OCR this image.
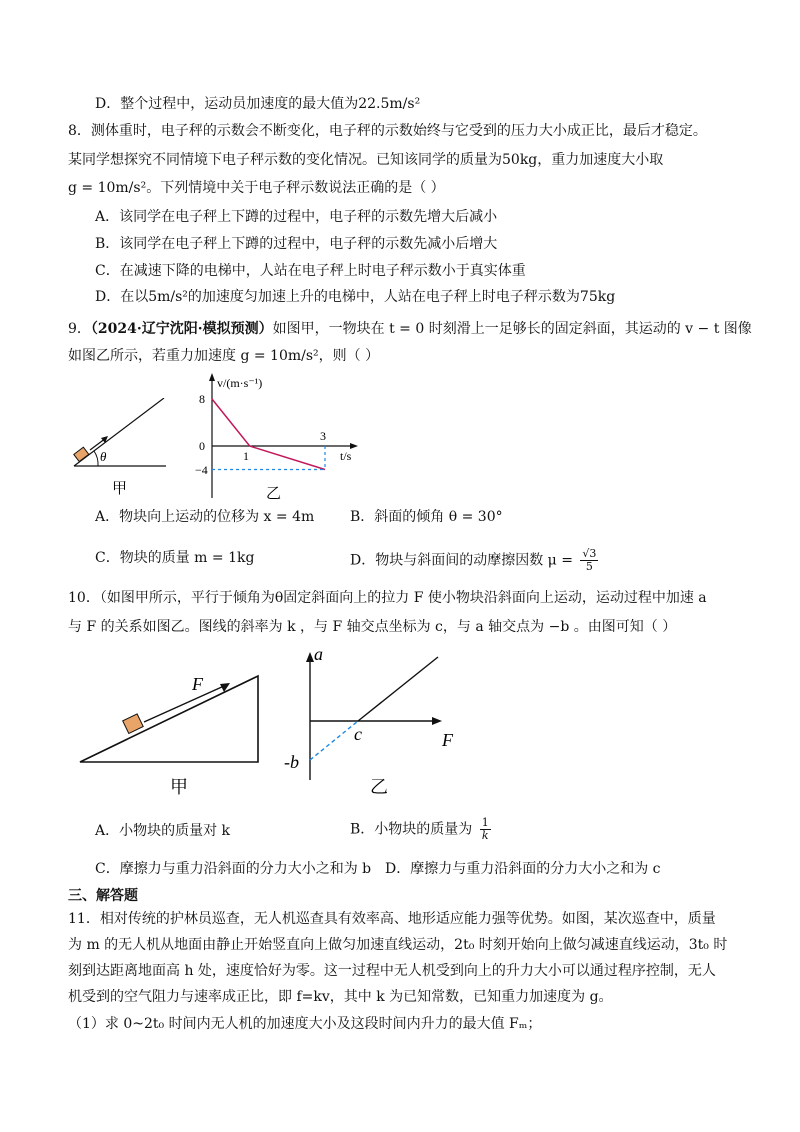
D．整个过程中，运动员加速度的最大值为22.5m/s²
8．测体重时，电子秤的示数会不断变化，电子秤的示数始终与它受到的压力大小成正比，最后才稳定。
某同学想探究不同情境下电子秤示数的变化情况。已知该同学的质量为50kg，重力加速度大小取
g = 10m/s²。下列情境中关于电子秤示数说法正确的是（ ）
A．该同学在电子秤上下蹲的过程中，电子秤的示数先增大后减小
B．该同学在电子秤上下蹲的过程中，电子秤的示数先减小后增大
C．在减速下降的电梯中，人站在电子秤上时电子秤示数小于真实体重
D．在以5m/s²的加速度匀加速上升的电梯中，人站在电子秤上时电子秤示数为75kg
9．（2024·辽宁沈阳·模拟预测）如图甲，一物块在 t = 0 时刻滑上一足够长的固定斜面，其运动的 v − t 图像
如图乙所示，若重力加速度 g = 10m/s²，则（ ）
θ
甲
v/(m·s⁻¹)
t/s
8
0
−4
1
3
乙
A．物块向上运动的位移为 x = 4m	B．斜面的倾角 θ = 30°
C．物块的质量 m = 1kg	D．物块与斜面间的动摩擦因数 $\mu = \frac{√3}{5}$
10．（如图甲所示，平行于倾角为θ固定斜面向上的拉力 F 使小物块沿斜面向上运动，运动过程中加速 a
与 F 的关系如图乙。图线的斜率为 k ，与 F 轴交点坐标为 c，与 a 轴交点为 −b 。由图可知（ ）
F
甲
a
F
c
-b
乙
A．小物块的质量对 k	B．小物块的质量为 $\frac{1}{k}$
C．摩擦力与重力沿斜面的分力大小之和为 b D．摩擦力与重力沿斜面的分力大小之和为 c
三、解答题
11．相对传统的护林员巡查，无人机巡查具有效率高、地形适应能力强等优势。如图，某次巡查中，质量
为 m 的无人机从地面由静止开始竖直向上做匀加速直线运动，2t₀ 时刻开始向上做匀减速直线运动，3t₀ 时
刻到达距离地面高 h 处，速度恰好为零。这一过程中无人机受到向上的升力大小可以通过程序控制，无人
机受到的空气阻力与速率成正比，即 f=kv，其中 k 为已知常数，已知重力加速度为 g。
（1）求 0~2t₀ 时间内无人机的加速度大小及这段时间内升力的最大值 Fₘ；
